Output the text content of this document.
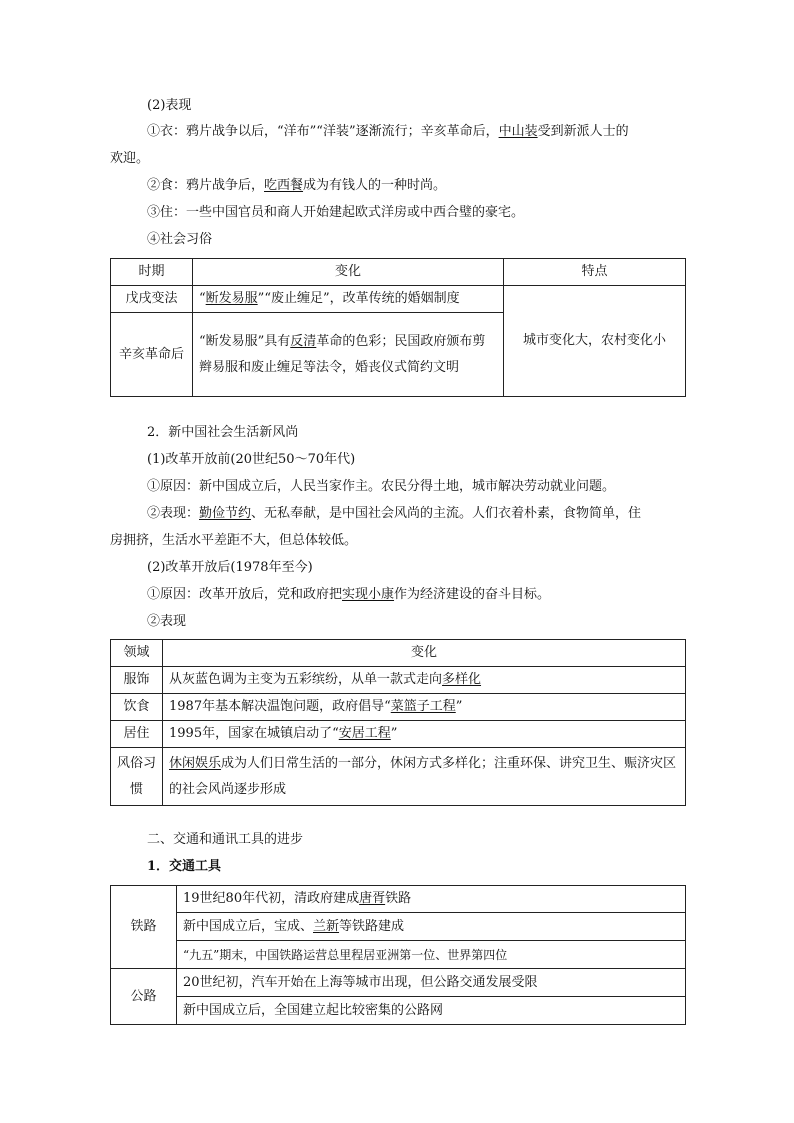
(2)表现
①衣：鸦片战争以后，“洋布”“洋装”逐渐流行；辛亥革命后，中山装受到新派人士的
欢迎。
②食：鸦片战争后，吃西餐成为有钱人的一种时尚。
③住：一些中国官员和商人开始建起欧式洋房或中西合璧的豪宅。
④社会习俗
时期	变化	特点
戊戌变法	“断发易服”“废止缠足”，改革传统的婚姻制度	城市变化大，农村变化小
辛亥革命后	“断发易服”具有反清革命的色彩；民国政府颁布剪辫易服和废止缠足等法令，婚丧仪式简约文明	
2．新中国社会生活新风尚
(1)改革开放前(20世纪50～70年代)
①原因：新中国成立后，人民当家作主。农民分得土地，城市解决劳动就业问题。
②表现：勤俭节约、无私奉献，是中国社会风尚的主流。人们衣着朴素，食物简单，住
房拥挤，生活水平差距不大，但总体较低。
(2)改革开放后(1978年至今)
①原因：改革开放后，党和政府把实现小康作为经济建设的奋斗目标。
②表现
领域	变化
服饰	从灰蓝色调为主变为五彩缤纷，从单一款式走向多样化
饮食	1987年基本解决温饱问题，政府倡导“菜篮子工程”
居住	1995年，国家在城镇启动了“安居工程”
风俗习惯	休闲娱乐成为人们日常生活的一部分，休闲方式多样化；注重环保、讲究卫生、赈济灾区的社会风尚逐步形成
二、交通和通讯工具的进步
1．交通工具
铁路	19世纪80年代初，清政府建成唐胥铁路
	新中国成立后，宝成、兰新等铁路建成
	“九五”期末，中国铁路运营总里程居亚洲第一位、世界第四位
公路	20世纪初，汽车开始在上海等城市出现，但公路交通发展受限
	新中国成立后，全国建立起比较密集的公路网
